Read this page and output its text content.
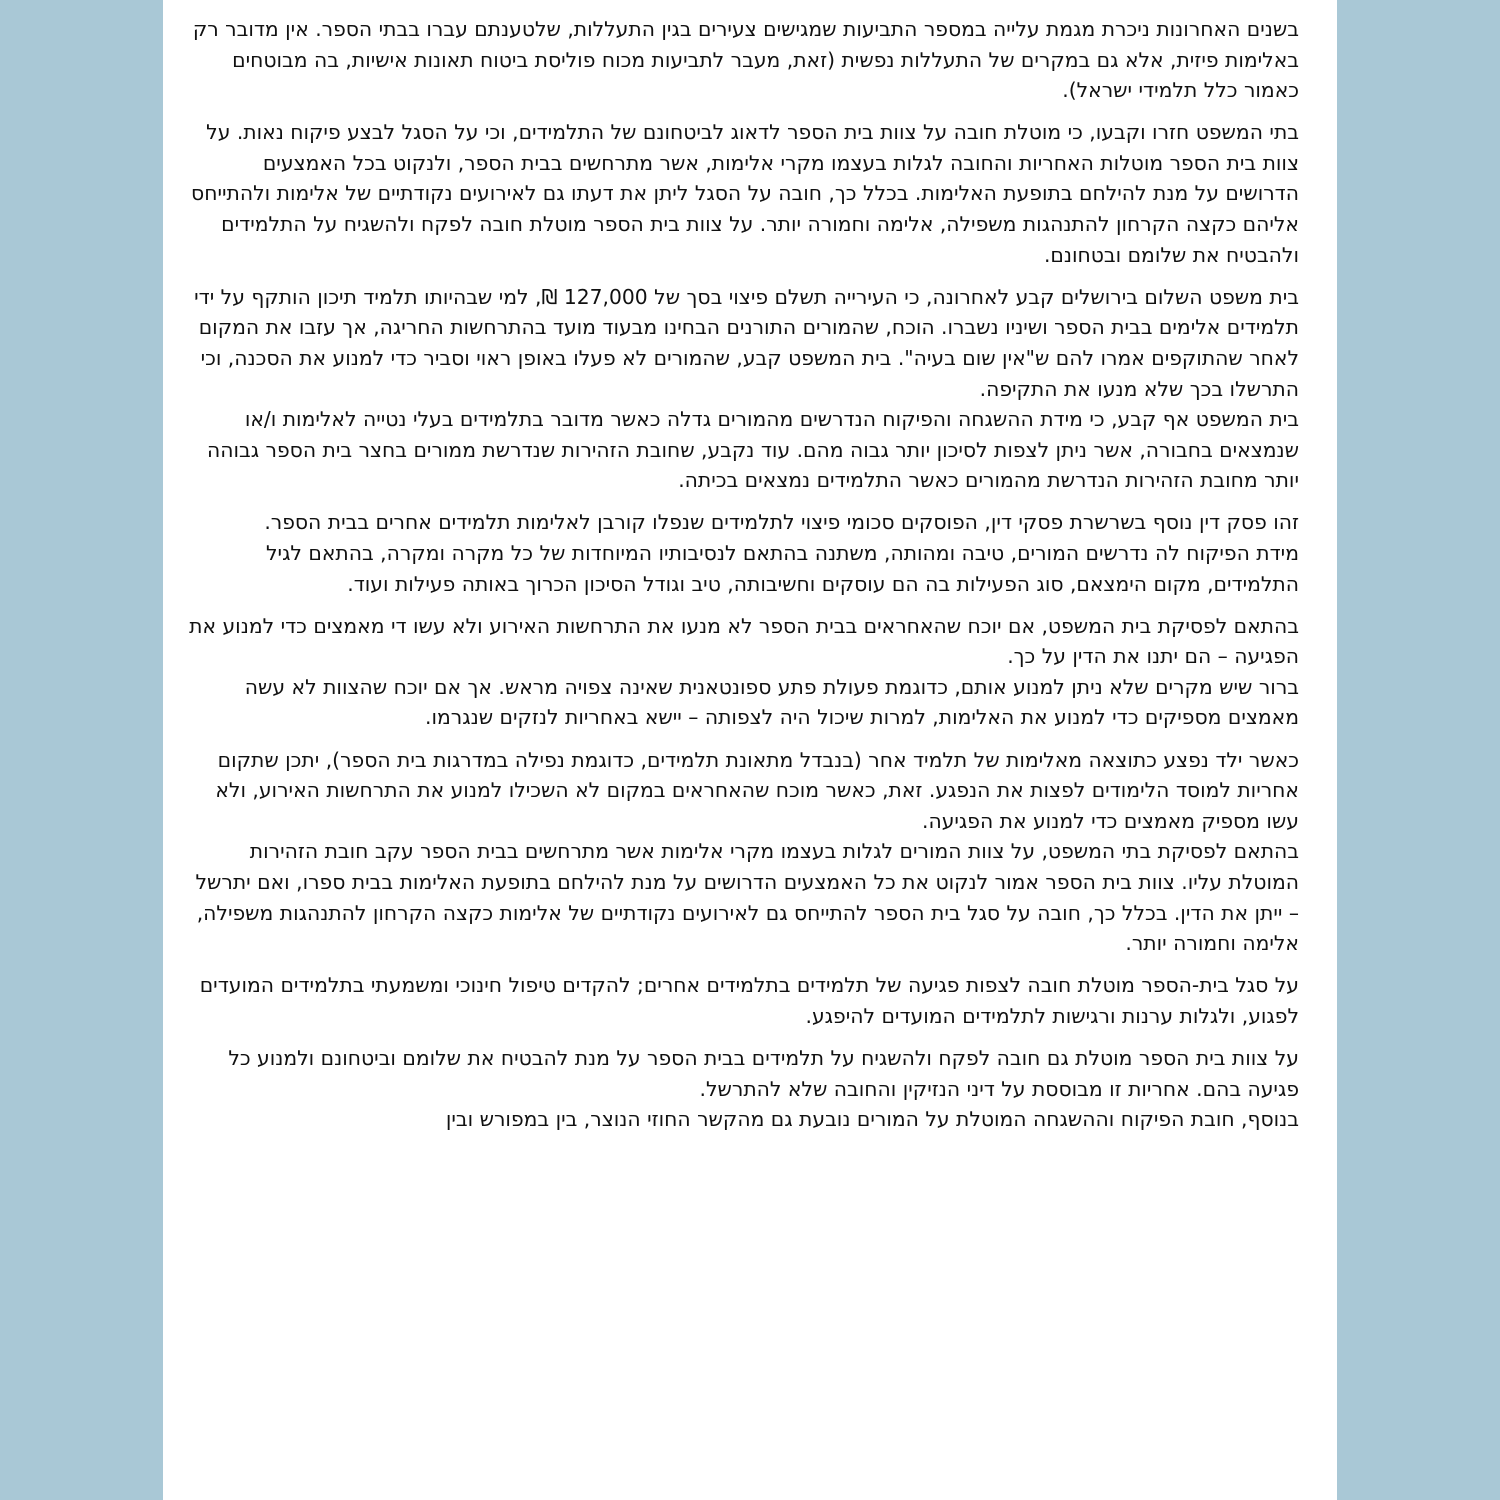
בשנים האחרונות ניכרת מגמת עלייה במספר התביעות שמגישים צעירים בגין התעללות, שלטענתם עברו בבתי הספר. אין מדובר רק באלימות פיזית, אלא גם במקרים של התעללות נפשית (זאת, מעבר לתביעות מכוח פוליסת ביטוח תאונות אישיות, בה מבוטחים כאמור כלל תלמידי ישראל).

בתי המשפט חזרו וקבעו, כי מוטלת חובה על צוות בית הספר לדאוג לביטחונם של התלמידים, וכי על הסגל לבצע פיקוח נאות. על צוות בית הספר מוטלות האחריות והחובה לגלות בעצמו מקרי אלימות, אשר מתרחשים בבית הספר, ולנקוט בכל האמצעים הדרושים על מנת להילחם בתופעת האלימות. בכלל כך, חובה על הסגל ליתן את דעתו גם לאירועים נקודתיים של אלימות ולהתייחס אליהם כקצה הקרחון להתנהגות משפילה, אלימה וחמורה יותר. על צוות בית הספר מוטלת חובה לפקח ולהשגיח על התלמידים ולהבטיח את שלומם ובטחונם.

בית משפט השלום בירושלים קבע לאחרונה, כי העירייה תשלם פיצוי בסך של 127,000 ₪, למי שבהיותו תלמיד תיכון הותקף על ידי תלמידים אלימים בבית הספר ושיניו נשברו. הוכח, שהמורים התורנים הבחינו מבעוד מועד בהתרחשות החריגה, אך עזבו את המקום לאחר שהתוקפים אמרו להם ש"אין שום בעיה". בית המשפט קבע, שהמורים לא פעלו באופן ראוי וסביר כדי למנוע את הסכנה, וכי התרשלו בכך שלא מנעו את התקיפה.

בית המשפט אף קבע, כי מידת ההשגחה והפיקוח הנדרשים מהמורים גדלה כאשר מדובר בתלמידים בעלי נטייה לאלימות ו/או שנמצאים בחבורה, אשר ניתן לצפות לסיכון יותר גבוה מהם. עוד נקבע, שחובת הזהירות שנדרשת ממורים בחצר בית הספר גבוהה יותר מחובת הזהירות הנדרשת מהמורים כאשר התלמידים נמצאים בכיתה.

זהו פסק דין נוסף בשרשרת פסקי דין, הפוסקים סכומי פיצוי לתלמידים שנפלו קורבן לאלימות תלמידים אחרים בבית הספר.

מידת הפיקוח לה נדרשים המורים, טיבה ומהותה, משתנה בהתאם לנסיבותיו המיוחדות של כל מקרה ומקרה, בהתאם לגיל התלמידים, מקום הימצאם, סוג הפעילות בה הם עוסקים וחשיבותה, טיב וגודל הסיכון הכרוך באותה פעילות ועוד.

בהתאם לפסיקת בית המשפט, אם יוכח שהאחראים בבית הספר לא מנעו את התרחשות האירוע ולא עשו די מאמצים כדי למנוע את הפגיעה – הם יתנו את הדין על כך.

ברור שיש מקרים שלא ניתן למנוע אותם, כדוגמת פעולת פתע ספונטאנית שאינה צפויה מראש. אך אם יוכח שהצוות לא עשה מאמצים מספיקים כדי למנוע את האלימות, למרות שיכול היה לצפותה – יישא באחריות לנזקים שנגרמו.

כאשר ילד נפצע כתוצאה מאלימות של תלמיד אחר (בנבדל מתאונת תלמידים, כדוגמת נפילה במדרגות בית הספר), יתכן שתקום אחריות למוסד הלימודים לפצות את הנפגע. זאת, כאשר מוכח שהאחראים במקום לא השכילו למנוע את התרחשות האירוע, ולא עשו מספיק מאמצים כדי למנוע את הפגיעה.

בהתאם לפסיקת בתי המשפט, על צוות המורים לגלות בעצמו מקרי אלימות אשר מתרחשים בבית הספר עקב חובת הזהירות המוטלת עליו. צוות בית הספר אמור לנקוט את כל האמצעים הדרושים על מנת להילחם בתופעת האלימות בבית ספרו, ואם יתרשל – ייתן את הדין. בכלל כך, חובה על סגל בית הספר להתייחס גם לאירועים נקודתיים של אלימות כקצה הקרחון להתנהגות משפילה, אלימה וחמורה יותר.

על סגל בית-הספר מוטלת חובה לצפות פגיעה של תלמידים בתלמידים אחרים; להקדים טיפול חינוכי ומשמעתי בתלמידים המועדים לפגוע, ולגלות ערנות ורגישות לתלמידים המועדים להיפגע.

על צוות בית הספר מוטלת גם חובה לפקח ולהשגיח על תלמידים בבית הספר על מנת להבטיח את שלומם וביטחונם ולמנוע כל פגיעה בהם. אחריות זו מבוססת על דיני הנזיקין והחובה שלא להתרשל.

בנוסף, חובת הפיקוח וההשגחה המוטלת על המורים נובעת גם מהקשר החוזי הנוצר, בין במפורש ובין
